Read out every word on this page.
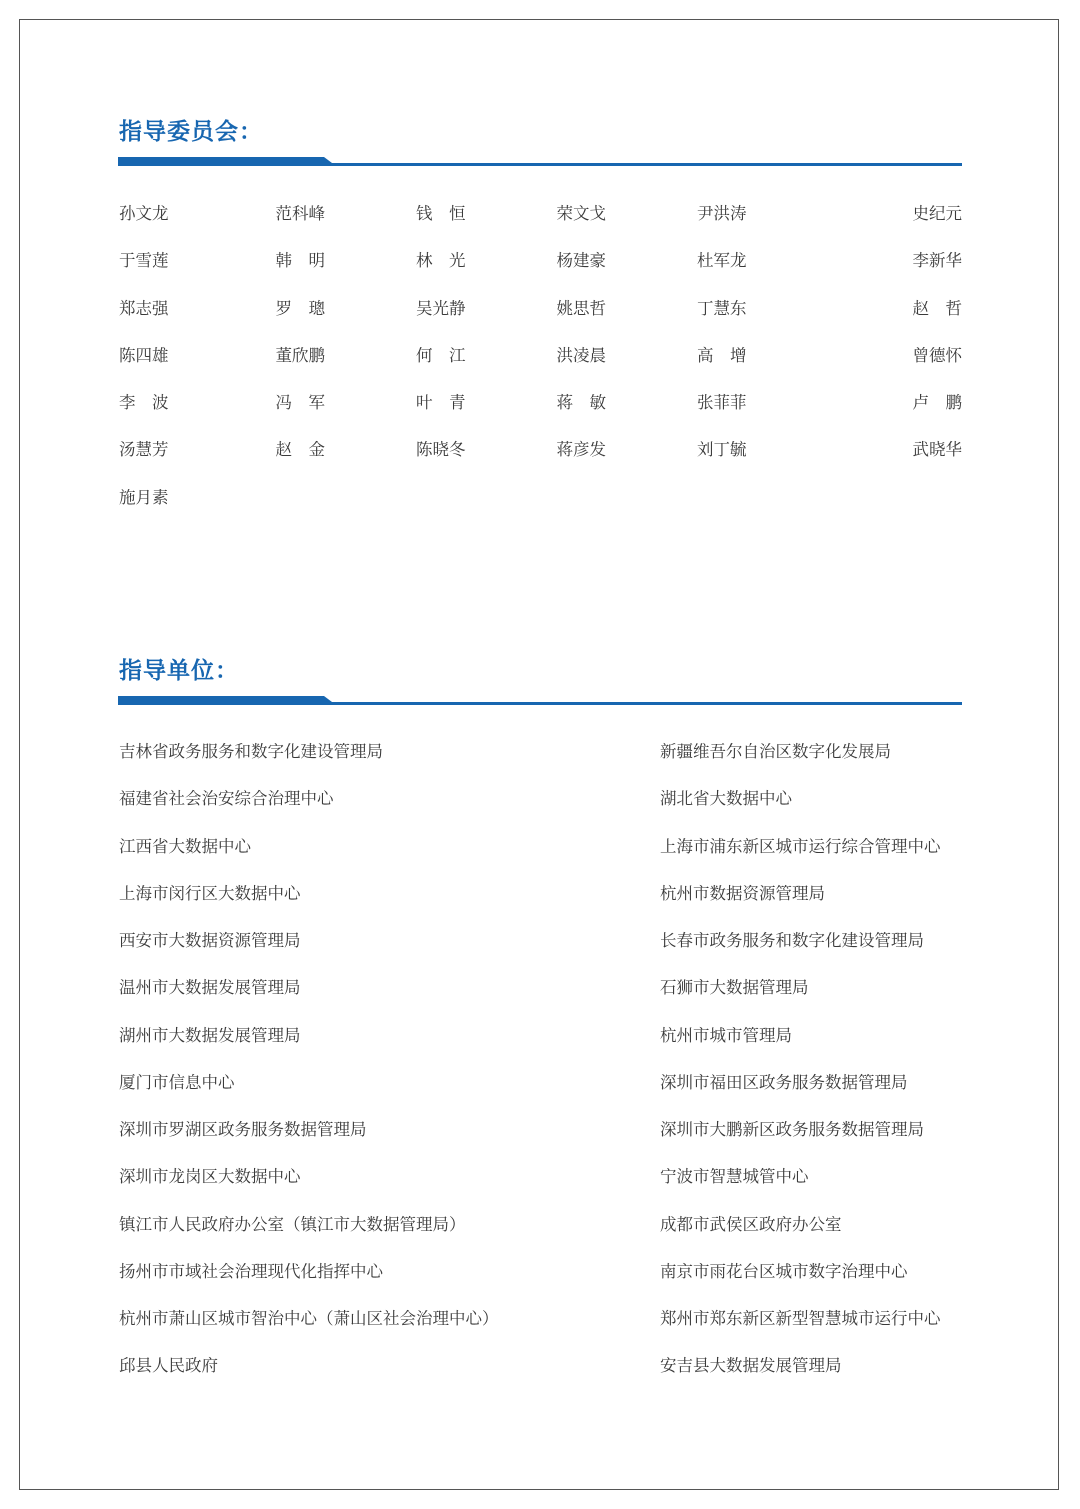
指导委员会：
孙文龙	范科峰	钱　恒	荣文戈	尹洪涛	史纪元
于雪莲	韩　明	林　光	杨建豪	杜军龙	李新华
郑志强	罗　璁	吴光静	姚思哲	丁慧东	赵　哲
陈四雄	董欣鹏	何　江	洪凌晨	高　增	曾德怀
李　波	冯　军	叶　青	蒋　敏	张菲菲	卢　鹏
汤慧芳	赵　金	陈晓冬	蒋彦发	刘丁毓	武晓华
施月素
指导单位：
吉林省政务服务和数字化建设管理局	新疆维吾尔自治区数字化发展局
福建省社会治安综合治理中心	湖北省大数据中心
江西省大数据中心	上海市浦东新区城市运行综合管理中心
上海市闵行区大数据中心	杭州市数据资源管理局
西安市大数据资源管理局	长春市政务服务和数字化建设管理局
温州市大数据发展管理局	石狮市大数据管理局
湖州市大数据发展管理局	杭州市城市管理局
厦门市信息中心	深圳市福田区政务服务数据管理局
深圳市罗湖区政务服务数据管理局	深圳市大鹏新区政务服务数据管理局
深圳市龙岗区大数据中心	宁波市智慧城管中心
镇江市人民政府办公室（镇江市大数据管理局）	成都市武侯区政府办公室
扬州市市域社会治理现代化指挥中心	南京市雨花台区城市数字治理中心
杭州市萧山区城市智治中心（萧山区社会治理中心）	郑州市郑东新区新型智慧城市运行中心
邱县人民政府	安吉县大数据发展管理局
